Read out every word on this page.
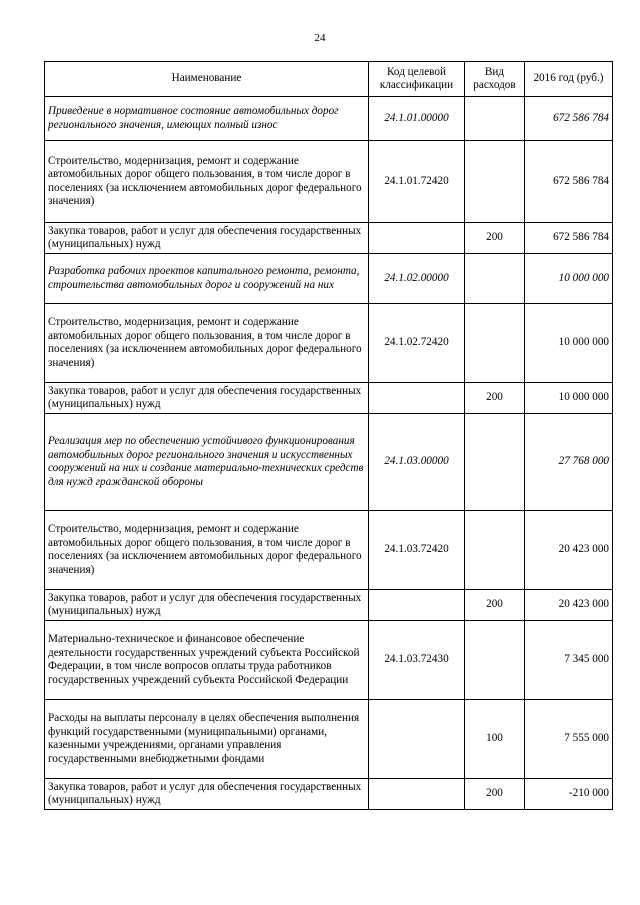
24
Наименование	Код целевой классификации	Вид расходов	2016 год (руб.)
Приведение в нормативное состояние автомобильных дорог регионального значения, имеющих полный износ	24.1.01.00000		672 586 784
Строительство, модернизация, ремонт и содержание автомобильных дорог общего пользования, в том числе дорог в поселениях (за исключением автомобильных дорог федерального значения)	24.1.01.72420		672 586 784
Закупка товаров, работ и услуг для обеспечения государственных (муниципальных) нужд		200	672 586 784
Разработка рабочих проектов капитального ремонта, ремонта, строительства автомобильных дорог и сооружений на них	24.1.02.00000		10 000 000
Строительство, модернизация, ремонт и содержание автомобильных дорог общего пользования, в том числе дорог в поселениях (за исключением автомобильных дорог федерального значения)	24.1.02.72420		10 000 000
Закупка товаров, работ и услуг для обеспечения государственных (муниципальных) нужд		200	10 000 000
Реализация мер по обеспечению устойчивого функционирования автомобильных дорог регионального значения и искусственных сооружений на них и создание материально-технических средств для нужд гражданской обороны	24.1.03.00000		27 768 000
Строительство, модернизация, ремонт и содержание автомобильных дорог общего пользования, в том числе дорог в поселениях (за исключением автомобильных дорог федерального значения)	24.1.03.72420		20 423 000
Закупка товаров, работ и услуг для обеспечения государственных (муниципальных) нужд		200	20 423 000
Материально-техническое и финансовое обеспечение деятельности государственных учреждений субъекта Российской Федерации, в том числе вопросов оплаты труда работников государственных учреждений субъекта Российской Федерации	24.1.03.72430		7 345 000
Расходы на выплаты персоналу в целях обеспечения выполнения функций государственными (муниципальными) органами, казенными учреждениями, органами управления государственными внебюджетными фондами		100	7 555 000
Закупка товаров, работ и услуг для обеспечения государственных (муниципальных) нужд		200	-210 000
